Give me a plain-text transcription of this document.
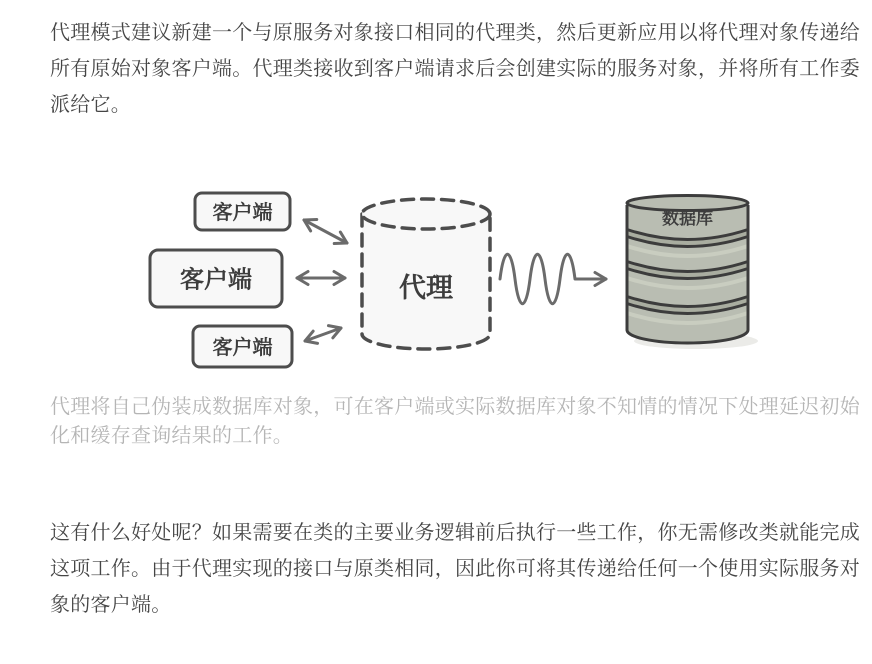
代理模式建议新建一个与原服务对象接口相同的代理类，然后更新应用以将代理对象传递给所有原始对象客户端。代理类接收到客户端请求后会创建实际的服务对象，并将所有工作委派给它。

客户端
客户端
客户端
代理
数据库

代理将自己伪装成数据库对象，可在客户端或实际数据库对象不知情的情况下处理延迟初始化和缓存查询结果的工作。

这有什么好处呢？如果需要在类的主要业务逻辑前后执行一些工作，你无需修改类就能完成这项工作。由于代理实现的接口与原类相同，因此你可将其传递给任何一个使用实际服务对象的客户端。
